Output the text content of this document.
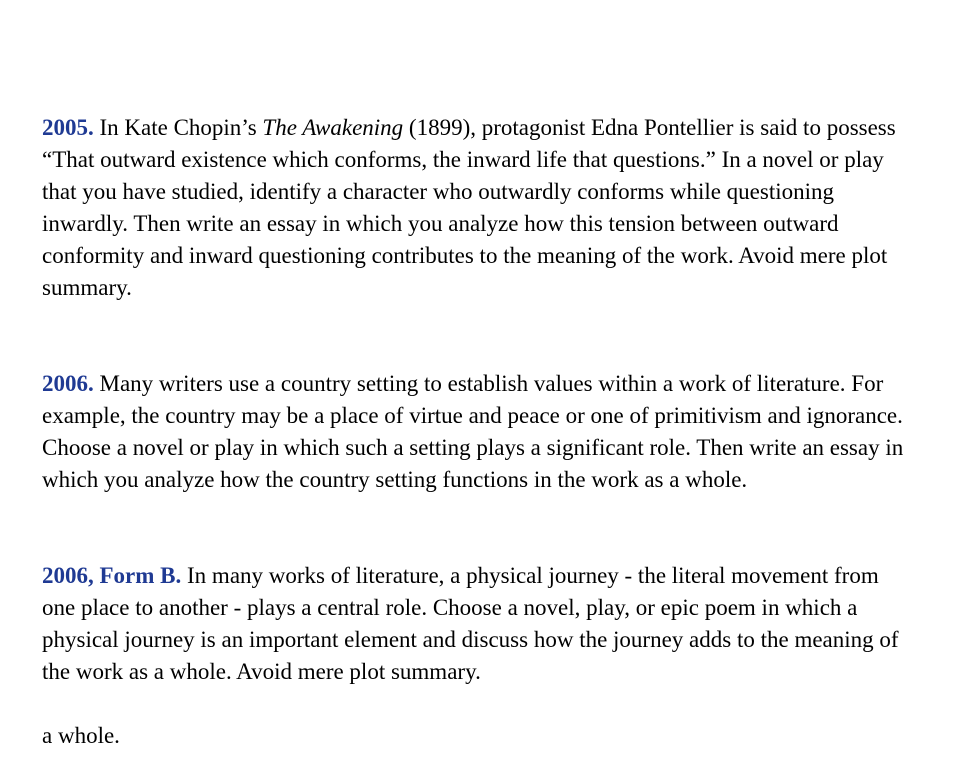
2005. In Kate Chopin’s The Awakening (1899), protagonist Edna Pontellier is said to possess “That outward existence which conforms, the inward life that questions.” In a novel or play that you have studied, identify a character who outwardly conforms while questioning inwardly. Then write an essay in which you analyze how this tension between outward conformity and inward questioning contributes to the meaning of the work. Avoid mere plot summary.

2006. Many writers use a country setting to establish values within a work of literature. For example, the country may be a place of virtue and peace or one of primitivism and ignorance. Choose a novel or play in which such a setting plays a significant role. Then write an essay in which you analyze how the country setting functions in the work as a whole.

2006, Form B. In many works of literature, a physical journey - the literal movement from one place to another - plays a central role. Choose a novel, play, or epic poem in which a physical journey is an important element and discuss how the journey adds to the meaning of the work as a whole. Avoid mere plot summary.

a whole.
